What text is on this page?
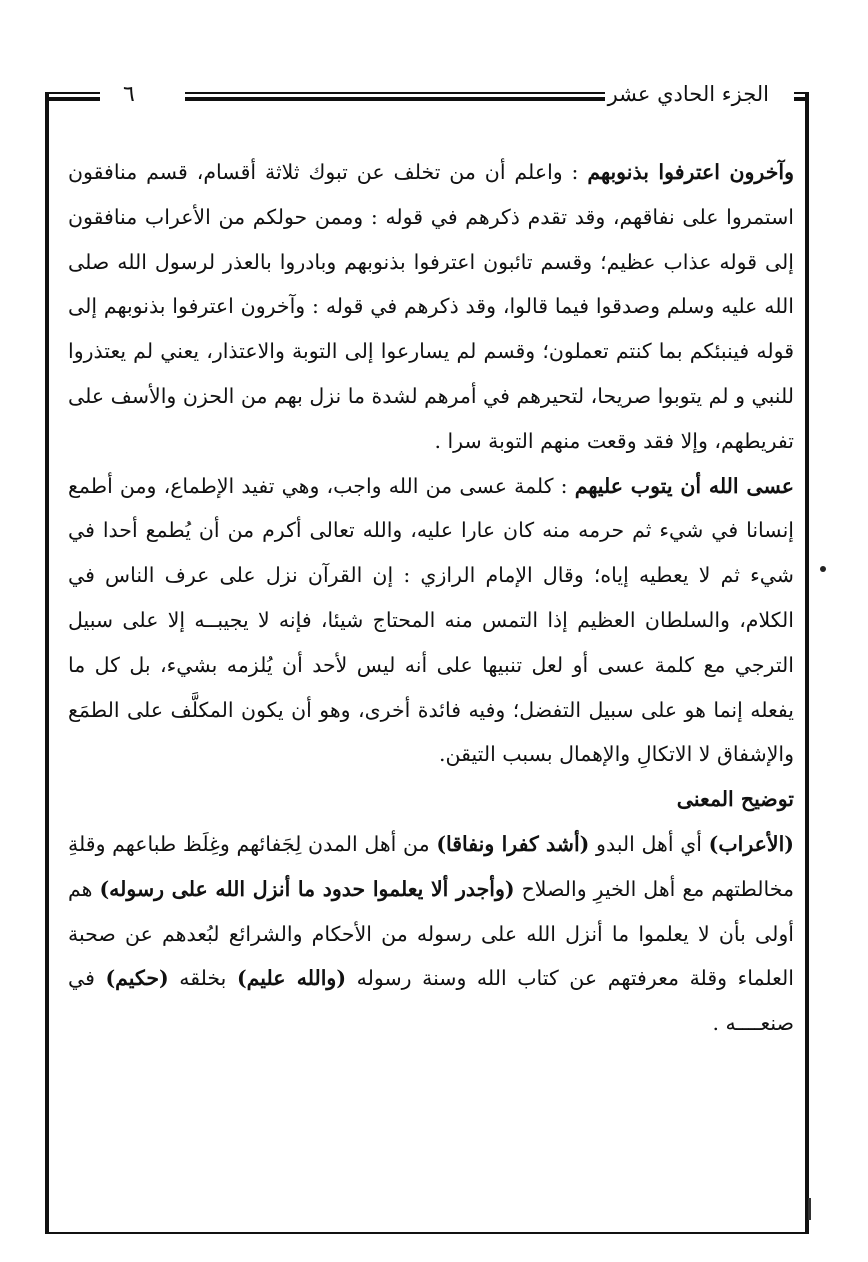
٦	الجزء الحادي عشر

وآخرون اعترفوا بذنوبهم : واعلم أن من تخلف عن تبوك ثلاثة أقسام، قسم منافقون استمروا على نفاقهم، وقد تقدم ذكرهم في قوله : وممن حولكم من الأعراب منافقون إلى قوله عذاب عظيم؛ وقسم تائبون اعترفوا بذنوبهم وبادروا بالعذر لرسول الله صلى الله عليه وسلم وصدقوا فيما قالوا، وقد ذكرهم في قوله : وآخرون اعترفوا بذنوبهم إلى قوله فينبئكم بما كنتم تعملون؛ وقسم لم يسارعوا إلى التوبة والاعتذار، يعني لم يعتذروا للنبي و لم يتوبوا صريحا، لتحيرهم في أمرهم لشدة ما نزل بهم من الحزن والأسف على تفريطهم، وإلا فقد وقعت منهم التوبة سرا .

عسى الله أن يتوب عليهم : كلمة عسى من الله واجب، وهي تفيد الإطماع، ومن أطمع إنسانا في شيء ثم حرمه منه كان عارا عليه، والله تعالى أكرم من أن يُطمع أحدا في شيء ثم لا يعطيه إياه؛ وقال الإمام الرازي : إن القرآن نزل على عرف الناس في الكلام، والسلطان العظيم إذا التمس منه المحتاج شيئا، فإنه لا يجيبــه إلا على سبيل الترجي مع كلمة عسى أو لعل تنبيها على أنه ليس لأحد أن يُلزمه بشيء، بل كل ما يفعله إنما هو على سبيل التفضل؛ وفيه فائدة أخرى، وهو أن يكون المكلَّف على الطمَع والإشفاق لا الاتكالِ والإهمال بسبب التيقن.

توضيح المعنى

(الأعراب) أي أهل البدو (أشد كفرا ونفاقا) من أهل المدن لِجَفائهم وغِلَظ طباعهم وقلةِ مخالطتهم مع أهل الخيرِ والصلاح (وأجدر ألا يعلموا حدود ما أنزل الله على رسوله) هم أولى بأن لا يعلموا ما أنزل الله على رسوله من الأحكام والشرائع لبُعدهم عن صحبة العلماء وقلة معرفتهم عن كتاب الله وسنة رسوله (والله عليم) بخلقه (حكيم) في صنعــــه .
